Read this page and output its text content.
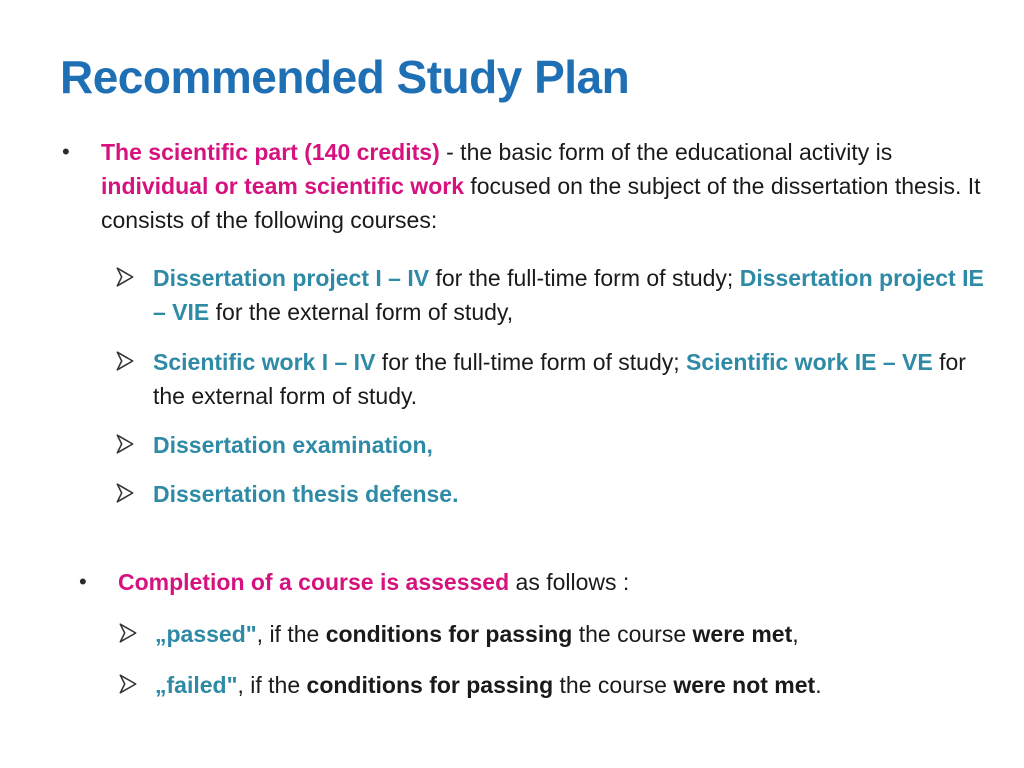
Recommended Study Plan
• The scientific part (140 credits) - the basic form of the educational activity is individual or team scientific work focused on the subject of the dissertation thesis. It consists of the following courses:

Dissertation project I – IV for the full-time form of study; Dissertation project IE – VIE for the external form of study,

Scientific work I – IV for the full-time form of study; Scientific work IE – VE for the external form of study.

Dissertation examination,

Dissertation thesis defense.

• Completion of a course is assessed as follows :

„passed", if the conditions for passing the course were met,

„failed", if the conditions for passing the course were not met.
